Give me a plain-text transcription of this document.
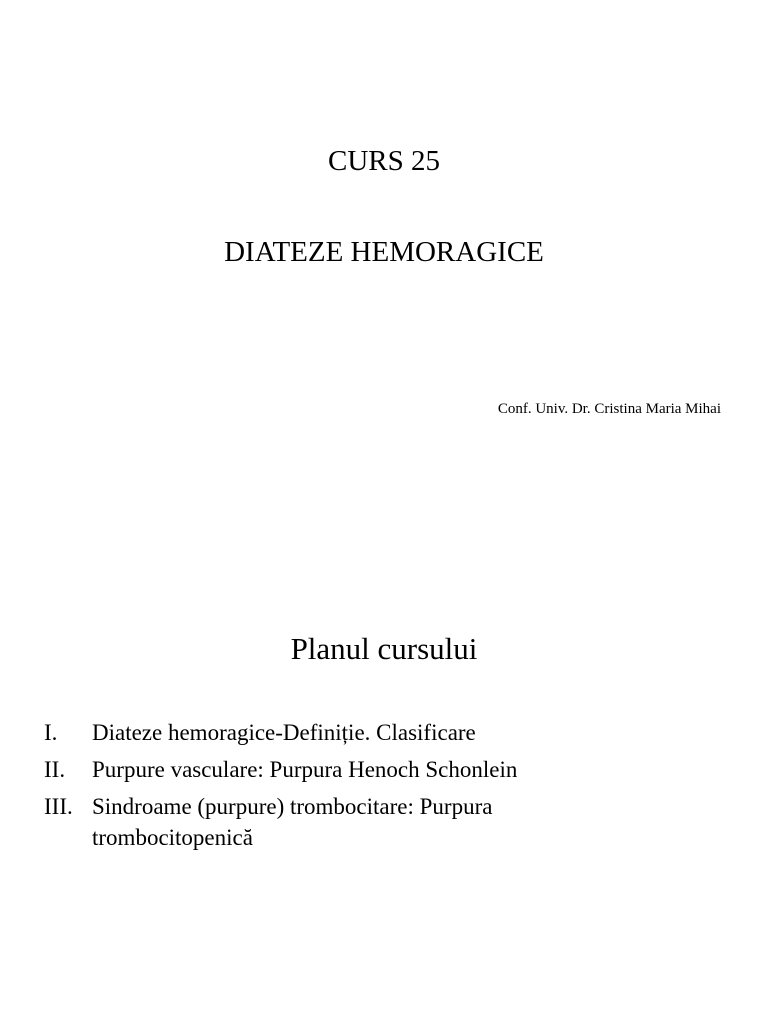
CURS 25
DIATEZE HEMORAGICE
Conf. Univ. Dr. Cristina Maria Mihai
Planul cursului
I.	Diateze hemoragice-Definiție. Clasificare
II.	Purpure vasculare: Purpura Henoch Schonlein
III. Sindroame (purpure) trombocitare: Purpura trombocitopenică
